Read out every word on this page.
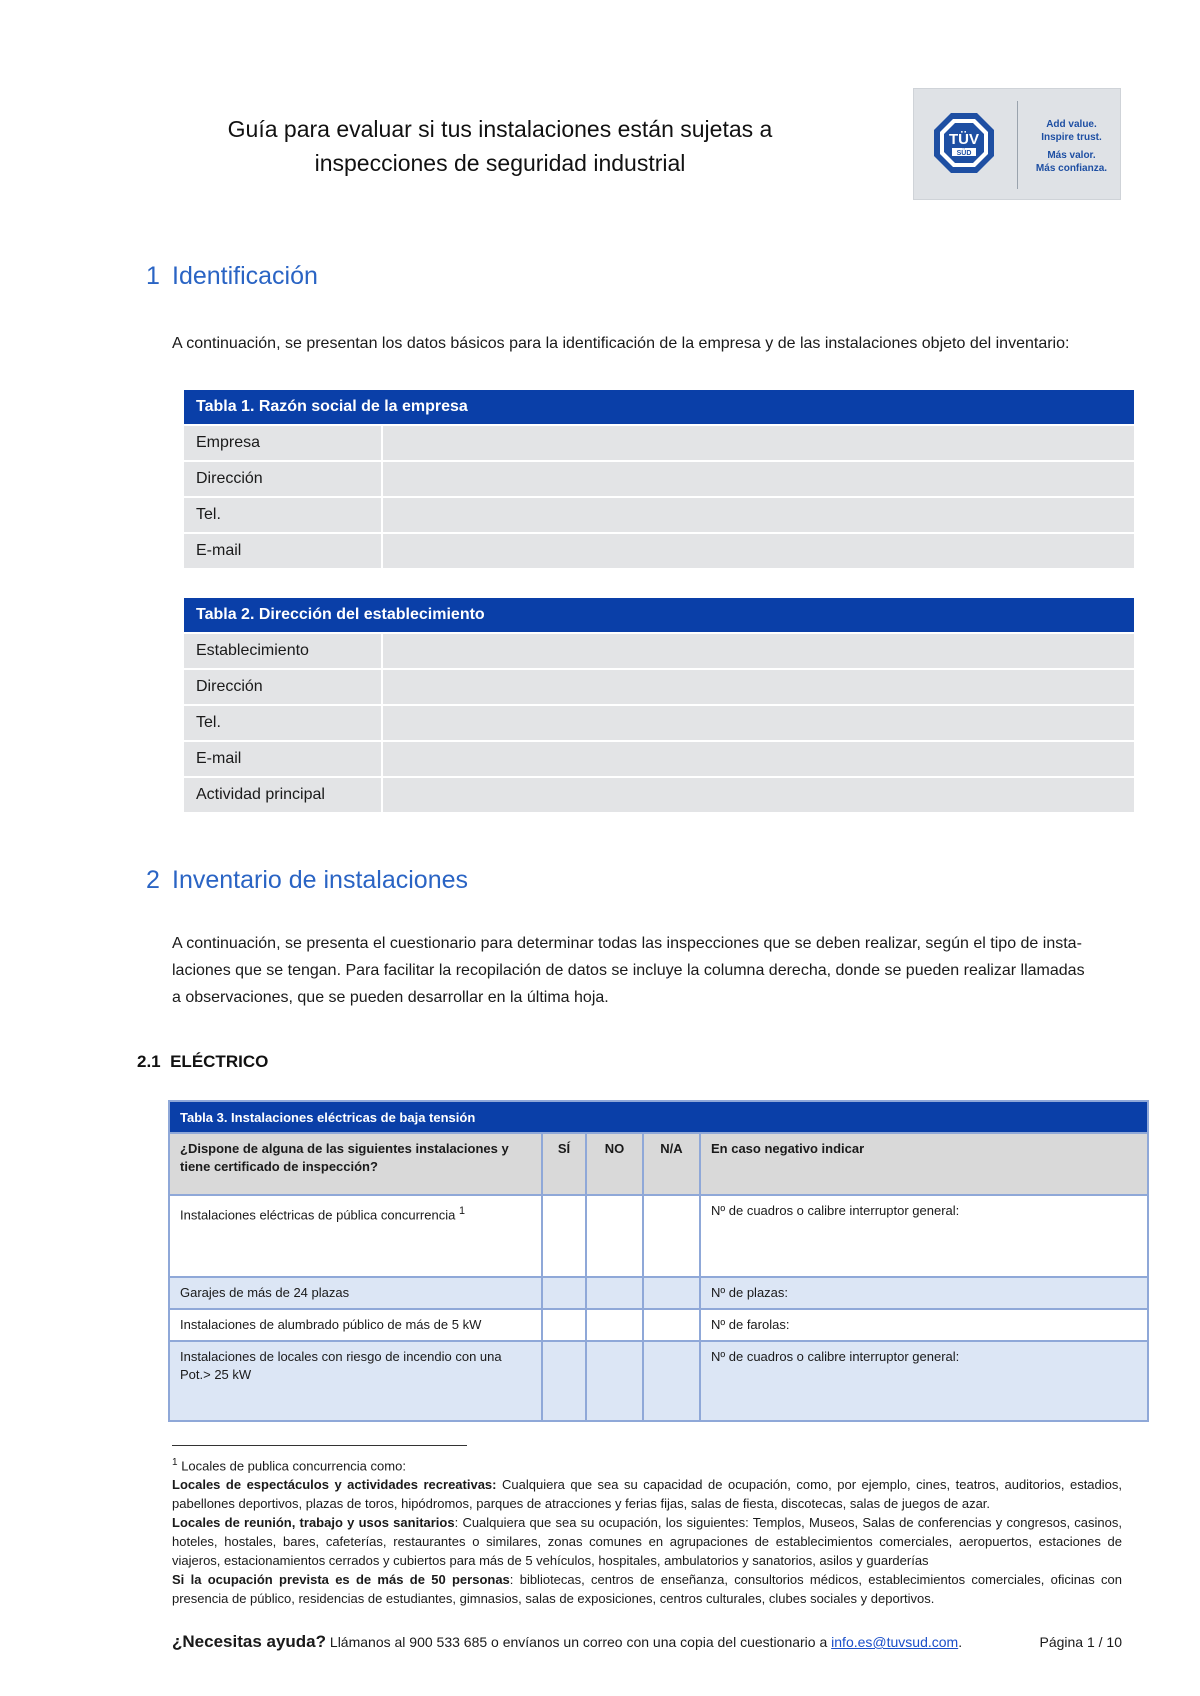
Guía para evaluar si tus instalaciones están sujetas a
inspecciones de seguridad industrial
TÜV
SÜD
Add value.
Inspire trust.
Más valor.
Más confianza.
1 Identificación
A continuación, se presentan los datos básicos para la identificación de la empresa y de las instalaciones objeto del inventario:
Tabla 1. Razón social de la empresa	
Empresa	
Dirección	
Tel.	
E-mail	
Tabla 2. Dirección del establecimiento	
Establecimiento	
Dirección	
Tel.	
E-mail	
Actividad principal	
2 Inventario de instalaciones
A continuación, se presenta el cuestionario para determinar todas las inspecciones que se deben realizar, según el tipo de insta-
laciones que se tengan. Para facilitar la recopilación de datos se incluye la columna derecha, donde se pueden realizar llamadas
a observaciones, que se pueden desarrollar en la última hoja.
2.1 ELÉCTRICO
Tabla 3. Instalaciones eléctricas de baja tensión				
¿Dispone de alguna de las siguientes instalaciones y tiene certificado de inspección?	SÍ	NO	N/A	En caso negativo indicar
Instalaciones eléctricas de pública concurrencia $^1$				Nº de cuadros o calibre interruptor general:
Garajes de más de 24 plazas				Nº de plazas:
Instalaciones de alumbrado público de más de 5 kW				Nº de farolas:
Instalaciones de locales con riesgo de incendio con una Pot.> 25 kW				Nº de cuadros o calibre interruptor general:

$^1$ Locales de publica concurrencia como:

Locales de espectáculos y actividades recreativas: Cualquiera que sea su capacidad de ocupación, como, por ejemplo, cines, teatros, auditorios, estadios, pabellones deportivos, plazas de toros, hipódromos, parques de atracciones y ferias fijas, salas de fiesta, discotecas, salas de juegos de azar.

Locales de reunión, trabajo y usos sanitarios: Cualquiera que sea su ocupación, los siguientes: Templos, Museos, Salas de conferencias y congresos, casinos, hoteles, hostales, bares, cafeterías, restaurantes o similares, zonas comunes en agrupaciones de establecimientos comerciales, aeropuertos, estaciones de viajeros, estacionamientos cerrados y cubiertos para más de 5 vehículos, hospitales, ambulatorios y sanatorios, asilos y guarderías

Si la ocupación prevista es de más de 50 personas: bibliotecas, centros de enseñanza, consultorios médicos, establecimientos comerciales, oficinas con presencia de público, residencias de estudiantes, gimnasios, salas de exposiciones, centros culturales, clubes sociales y deportivos.

¿Necesitas ayuda? Llámanos al 900 533 685 o envíanos un correo con una copia del cuestionario a info.es@tuvsud.com.	Página 1 / 10
